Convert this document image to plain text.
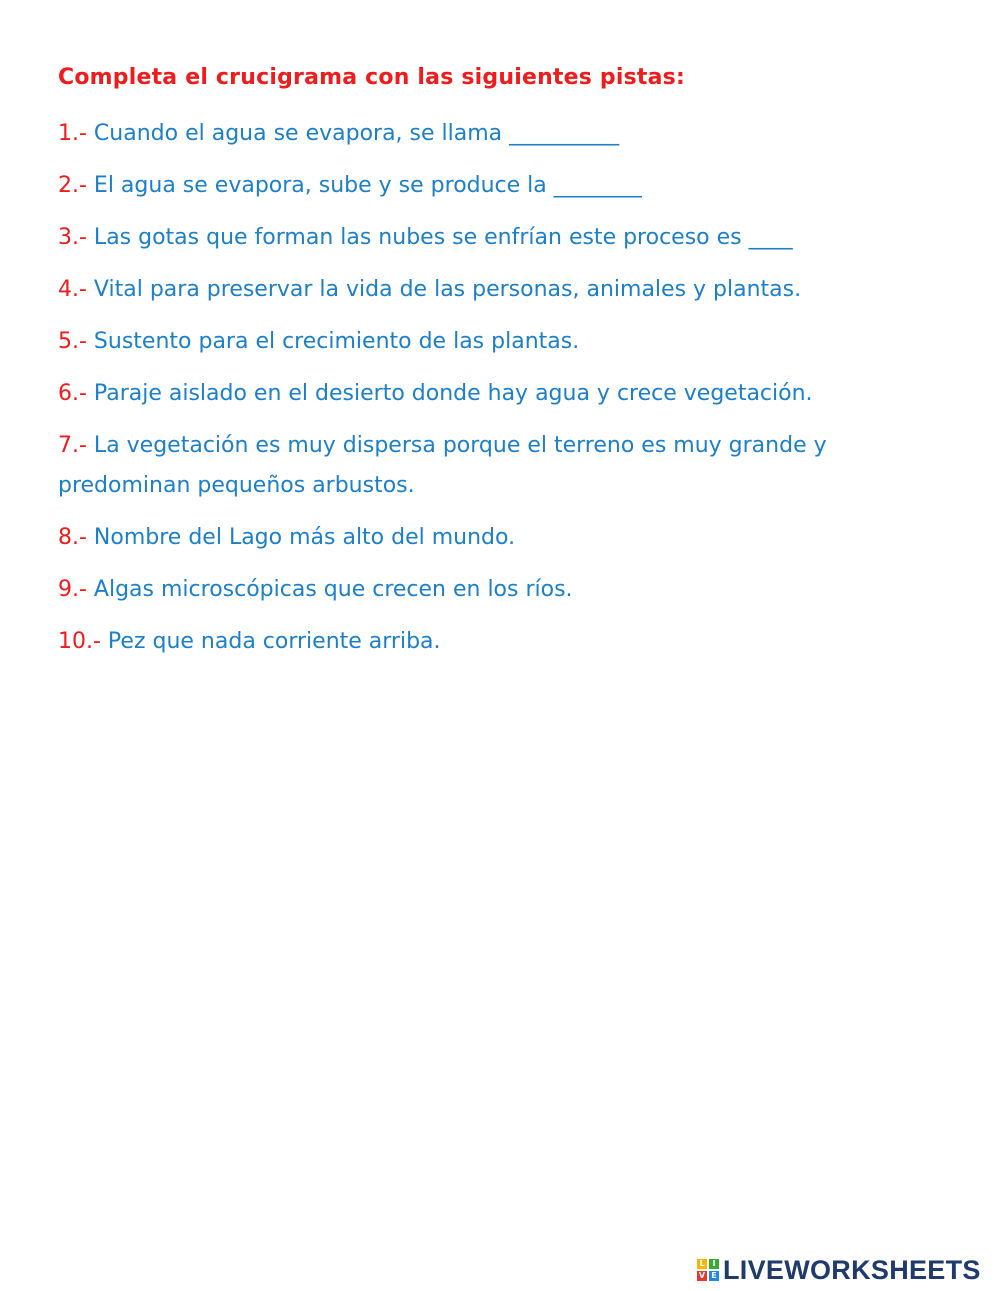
Completa el crucigrama con las siguientes pistas:

1.- Cuando el agua se evapora, se llama __________

2.- El agua se evapora, sube y se produce la ________

3.- Las gotas que forman las nubes se enfrían este proceso es ____

4.- Vital para preservar la vida de las personas, animales y plantas.

5.- Sustento para el crecimiento de las plantas.

6.- Paraje aislado en el desierto donde hay agua y crece vegetación.

7.- La vegetación es muy dispersa porque el terreno es muy grande y predominan pequeños arbustos.

8.- Nombre del Lago más alto del mundo.

9.- Algas microscópicas que crecen en los ríos.

10.- Pez que nada corriente arriba.

L I
V E LIVEWORKSHEETS
